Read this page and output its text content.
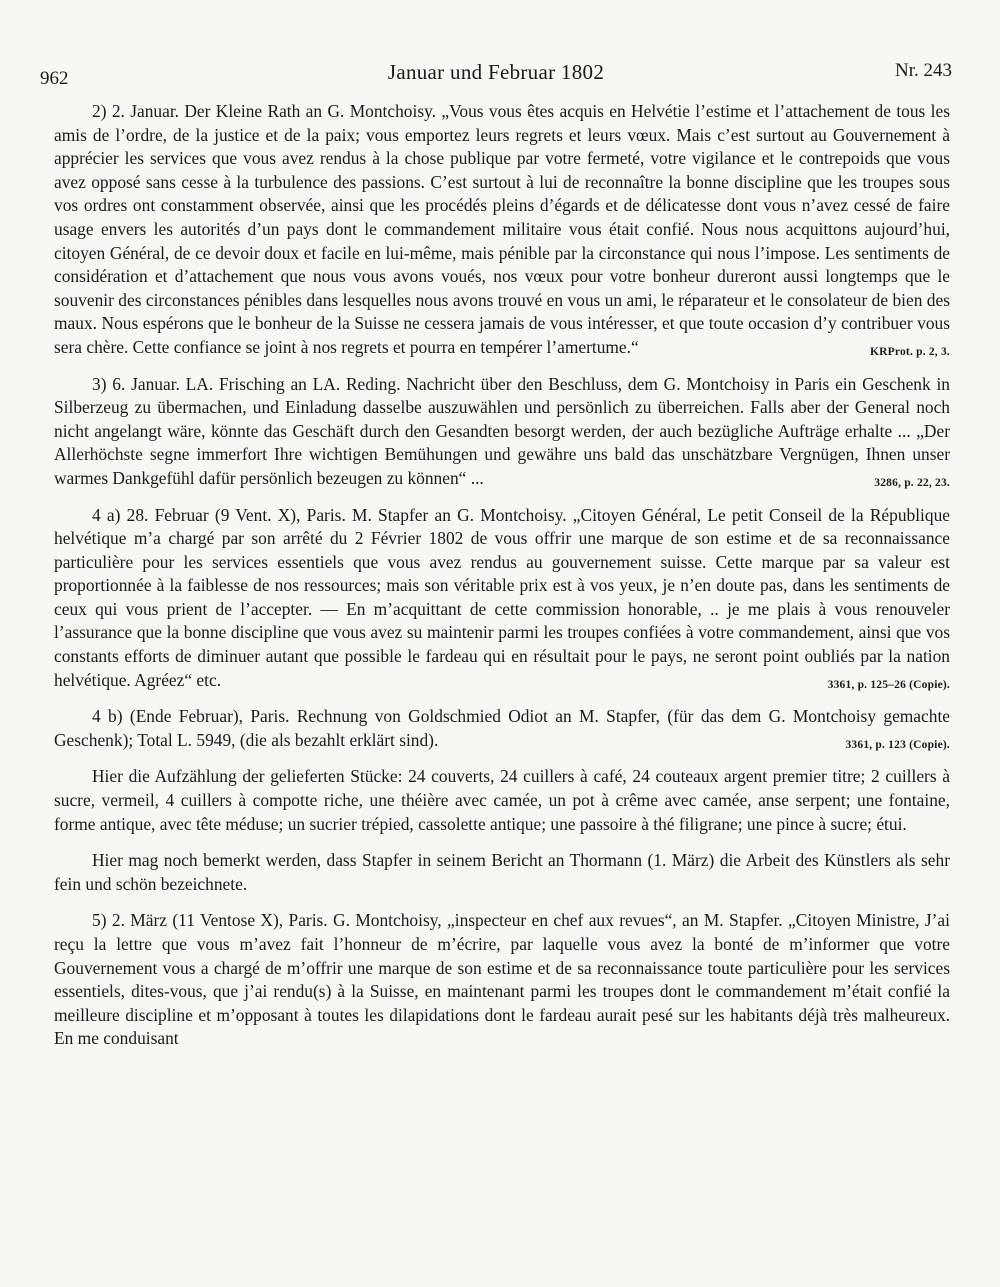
962	Januar und Februar 1802	Nr. 243

2) 2. Januar. Der Kleine Rath an G. Montchoisy. „Vous vous êtes acquis en Helvétie l’estime et l’attachement de tous les amis de l’ordre, de la justice et de la paix; vous emportez leurs regrets et leurs vœux. Mais c’est surtout au Gouvernement à apprécier les services que vous avez rendus à la chose publique par votre fermeté, votre vigilance et le contrepoids que vous avez opposé sans cesse à la turbulence des passions. C’est surtout à lui de reconnaître la bonne discipline que les troupes sous vos ordres ont constamment observée, ainsi que les procédés pleins d’égards et de délicatesse dont vous n’avez cessé de faire usage envers les autorités d’un pays dont le commandement militaire vous était confié. Nous nous acquittons aujourd’hui, citoyen Général, de ce devoir doux et facile en lui-même, mais pénible par la circonstance qui nous l’impose. Les sentiments de considération et d’attachement que nous vous avons voués, nos vœux pour votre bonheur dureront aussi longtemps que le souvenir des circonstances pénibles dans lesquelles nous avons trouvé en vous un ami, le réparateur et le consolateur de bien des maux. Nous espérons que le bonheur de la Suisse ne cessera jamais de vous intéresser, et que toute occasion d’y contribuer vous sera chère. Cette confiance se joint à nos regrets et pourra en tempérer l’amertume.“	KRProt. p. 2, 3.

3) 6. Januar. LA. Frisching an LA. Reding. Nachricht über den Beschluss, dem G. Montchoisy in Paris ein Geschenk in Silberzeug zu übermachen, und Einladung dasselbe auszuwählen und persönlich zu überreichen. Falls aber der General noch nicht angelangt wäre, könnte das Geschäft durch den Gesandten besorgt werden, der auch bezügliche Aufträge erhalte ... „Der Allerhöchste segne immerfort Ihre wichtigen Bemühungen und gewähre uns bald das unschätzbare Vergnügen, Ihnen unser warmes Dankgefühl dafür persönlich bezeugen zu können“ ...	3286, p. 22, 23.

4 a) 28. Februar (9 Vent. X), Paris. M. Stapfer an G. Montchoisy. „Citoyen Général, Le petit Conseil de la République helvétique m’a chargé par son arrêté du 2 Février 1802 de vous offrir une marque de son estime et de sa reconnaissance particulière pour les services essentiels que vous avez rendus au gouvernement suisse. Cette marque par sa valeur est proportionnée à la faiblesse de nos ressources; mais son véritable prix est à vos yeux, je n’en doute pas, dans les sentiments de ceux qui vous prient de l’accepter. — En m’acquittant de cette commission honorable, .. je me plais à vous renouveler l’assurance que la bonne discipline que vous avez su maintenir parmi les troupes confiées à votre commandement, ainsi que vos constants efforts de diminuer autant que possible le fardeau qui en résultait pour le pays, ne seront point oubliés par la nation helvétique. Agréez“ etc.	3361, p. 125–26 (Copie).

4 b) (Ende Februar), Paris. Rechnung von Goldschmied Odiot an M. Stapfer, (für das dem G. Montchoisy gemachte Geschenk); Total L. 5949, (die als bezahlt erklärt sind).	3361, p. 123 (Copie).

Hier die Aufzählung der gelieferten Stücke: 24 couverts, 24 cuillers à café, 24 couteaux argent premier titre; 2 cuillers à sucre, vermeil, 4 cuillers à compotte riche, une théière avec camée, un pot à crême avec camée, anse serpent; une fontaine, forme antique, avec tête méduse; un sucrier trépied, cassolette antique; une passoire à thé filigrane; une pince à sucre; étui.

Hier mag noch bemerkt werden, dass Stapfer in seinem Bericht an Thormann (1. März) die Arbeit des Künstlers als sehr fein und schön bezeichnete.

5) 2. März (11 Ventose X), Paris. G. Montchoisy, „inspecteur en chef aux revues“, an M. Stapfer. „Citoyen Ministre, J’ai reçu la lettre que vous m’avez fait l’honneur de m’écrire, par laquelle vous avez la bonté de m’informer que votre Gouvernement vous a chargé de m’offrir une marque de son estime et de sa reconnaissance toute particulière pour les services essentiels, dites-vous, que j’ai rendu(s) à la Suisse, en maintenant parmi les troupes dont le commandement m’était confié la meilleure discipline et m’opposant à toutes les dilapidations dont le fardeau aurait pesé sur les habitants déjà très malheureux. En me conduisant
